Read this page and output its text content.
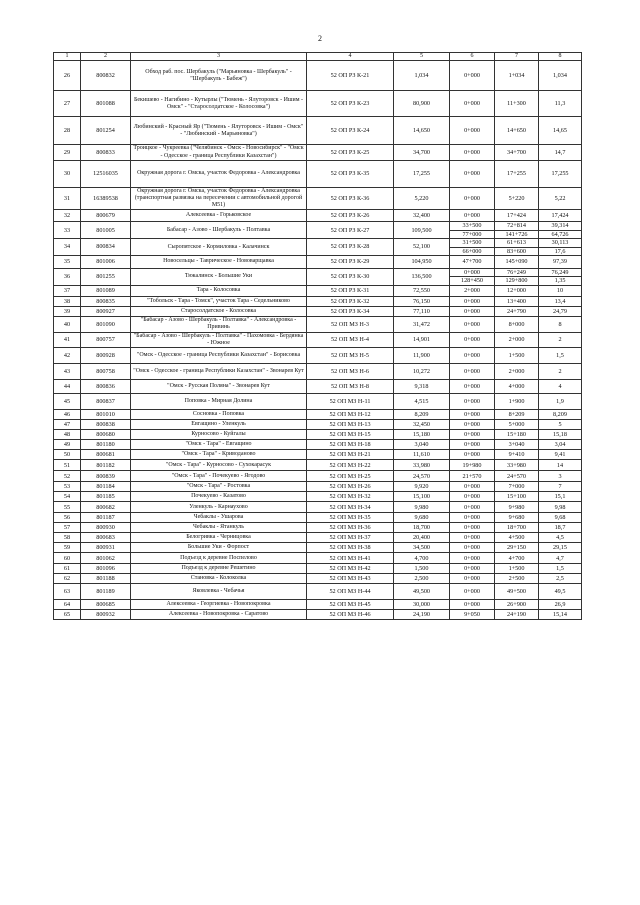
2
1	2	3	4	5	6	7	8
26	800832	Обход раб. пос. Шербакуль ("Марьяновка - Шербакуль" - "Шербакуль - Бабеж")	52 ОП РЗ К-21	1,034	0+000	1+034	1,034
27	801088	Бекишево - Нагибино - Кутырлы ("Тюмень - Ялуторовск - Ишим - Омск" - "Старосолдатское - Колосовка")	52 ОП РЗ К-23	80,900	0+000	11+300	11,3
28	801254	Любинский - Красный Яр ("Тюмень - Ялуторовск - Ишим - Омск" - "Любинский - Марьяновка")	52 ОП РЗ К-24	14,650	0+000	14+650	14,65
29	800833	Троицкое - Чукреевка ("Челябинск - Омск - Новосибирск" - "Омск - Одесское - граница Республики Казахстан")	52 ОП РЗ К-25	34,700	0+000	34+700	14,7
30	12516035	Окружная дорога г. Омска, участок Федоровка - Александровка	52 ОП РЗ К-35	17,255	0+000	17+255	17,255
31	16389538	Окружная дорога г. Омска, участок Федоровка - Александровка (транспортная развязка на пересечении с автомобильной дорогой М51)	52 ОП РЗ К-36	5,220	0+000	5+220	5,22
32	800679	Алексеевка - Горьковское	52 ОП РЗ К-26	32,400	0+000	17+424	17,424
33	801005	Бабасар - Азово - Шербакуль - Полтавка	52 ОП РЗ К-27	109,500	33+500	72+814	39,314
					77+000	141+726	64,726
34	800834	Сыропятское - Кормиловка - Калачинск	52 ОП РЗ К-28	52,100	31+500	61+613	30,113
					66+000	83+600	17,6
35	801006	Новосельцы - Таврическое - Нововарщавка	52 ОП РЗ К-29	104,950	47+700	145+090	97,39
36	801255	Тюкалинск - Большие Уки	52 ОП РЗ К-30	136,500	0+000	76+249	76,249
					128+450	129+800	1,35
37	801089	Тара - Колосовка	52 ОП РЗ К-31	72,550	2+000	12+000	10
38	800835	"Тобольск - Тара - Томск", участок Тара - Седельниково	52 ОП РЗ К-32	76,150	0+000	13+400	13,4
39	800927	Старосолдатское - Колосовка	52 ОП РЗ К-34	77,110	0+000	24+790	24,79
40	801090	"Бабасар - Азово - Шербакуль - Полтавка" - Александровка - Привинь	52 ОП МЗ Н-3	31,472	0+000	8+000	8
41	800757	"Бабасар - Азово - Шербакуль - Полтавка" - Пахомовка - Бердянка - Южное	52 ОП МЗ Н-4	14,901	0+000	2+000	2
42	800928	"Омск - Одесское - граница Республики Казахстан" - Борисовка	52 ОП МЗ Н-5	11,900	0+000	1+500	1,5
43	800758	"Омск - Одесское - граница Республики Казахстан" - Звонарев Кут	52 ОП МЗ Н-6	10,272	0+000	2+000	2
44	800836	"Омск - Русская Поляна" - Звонарев Кут	52 ОП МЗ Н-8	9,318	0+000	4+000	4
45	800837	Поповка - Мирная Долина	52 ОП МЗ Н-11	4,515	0+000	1+900	1,9
46	801010	Сосновка - Поповка	52 ОП МЗ Н-12	8,209	0+000	8+209	8,209
47	800838	Евгащино - Уленкуль	52 ОП МЗ Н-13	32,450	0+000	5+000	5
48	800680	Курносово - Куйгалы	52 ОП МЗ Н-15	15,180	0+000	15+180	15,18
49	801180	"Омск - Тара" - Евгащино	52 ОП МЗ Н-18	3,040	0+000	3+040	3,04
50	800681	"Омск - Тара" - Криводаново	52 ОП МЗ Н-21	11,610	0+000	9+410	9,41
51	801182	"Омск - Тара" - Курносово - Сухокарасук	52 ОП МЗ Н-22	33,980	19+980	33+980	14
52	800839	"Омск - Тара" - Почекуево - Ягодово	52 ОП МЗ Н-25	24,570	21+570	24+570	3
53	801184	"Омск - Тара" - Ростовка	52 ОП МЗ Н-26	9,920	0+000	7+000	7
54	801185	Почекуево - Казатово	52 ОП МЗ Н-32	15,100	0+000	15+100	15,1
55	800682	Уленкуль - Карнаухово	52 ОП МЗ Н-34	9,980	0+000	9+980	9,98
56	801187	Чебаклы - Ушарова	52 ОП МЗ Н-35	9,680	0+000	9+680	9,68
57	800930	Чебаклы - Ятанкуль	52 ОП МЗ Н-36	18,700	0+000	18+700	18,7
58	800683	Белогривка - Черницовка	52 ОП МЗ Н-37	20,400	0+000	4+500	4,5
59	800931	Большие Уки - Форпост	52 ОП МЗ Н-38	34,500	0+000	29+150	29,15
60	801062	Подъезд к деревне Поспелово	52 ОП МЗ Н-41	4,700	0+000	4+700	4,7
61	801096	Подъезд к деревне Решетино	52 ОП МЗ Н-42	1,500	0+000	1+500	1,5
62	801188	Становка - Колоколка	52 ОП МЗ Н-43	2,500	0+000	2+500	2,5
63	801189	Яковлевка - Чебачья	52 ОП МЗ Н-44	49,500	0+000	49+500	49,5
64	800685	Алексеевка - Георгиевка - Новопокровка	52 ОП МЗ Н-45	30,000	0+000	26+900	26,9
65	800932	Алексеевка - Новопокровка - Саратово	52 ОП МЗ Н-46	24,190	9+050	24+190	15,14
